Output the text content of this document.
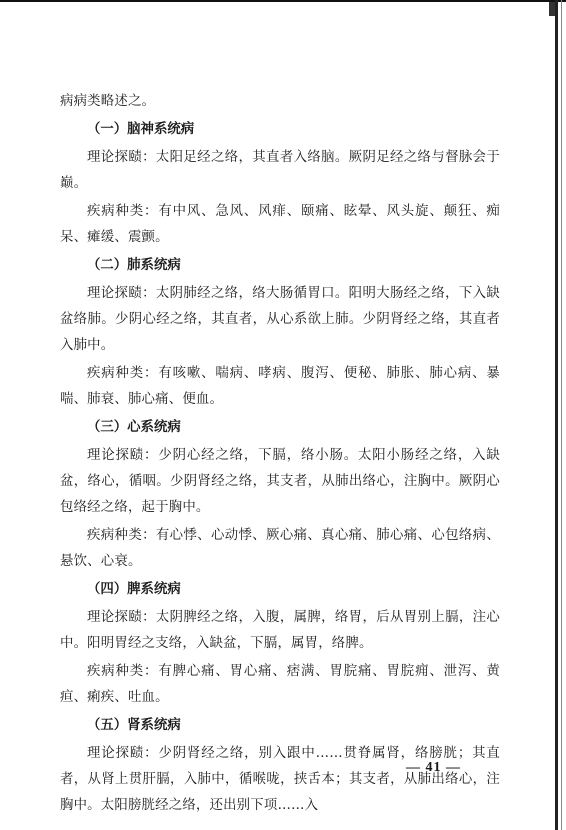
病病类略述之。

（一）脑神系统病

理论探赜：太阳足经之络，其直者入络脑。厥阴足经之络与督脉会于巅。

疾病种类：有中风、急风、风痱、颐痛、眩晕、风头旋、颠狂、痴呆、瘫缓、震颤。

（二）肺系统病

理论探赜：太阴肺经之络，络大肠循胃口。阳明大肠经之络，下入缺盆络肺。少阴心经之络，其直者，从心系欲上肺。少阴肾经之络，其直者入肺中。

疾病种类：有咳嗽、喘病、哮病、腹泻、便秘、肺胀、肺心病、暴喘、肺衰、肺心痛、便血。

（三）心系统病

理论探赜：少阴心经之络，下膈，络小肠。太阳小肠经之络，入缺盆，络心，循咽。少阴肾经之络，其支者，从肺出络心，注胸中。厥阴心包络经之络，起于胸中。

疾病种类：有心悸、心动悸、厥心痛、真心痛、肺心痛、心包络病、悬饮、心衰。

（四）脾系统病

理论探赜：太阴脾经之络，入腹，属脾，络胃，后从胃别上膈，注心中。阳明胃经之支络，入缺盆，下膈，属胃，络脾。

疾病种类：有脾心痛、胃心痛、痞满、胃脘痛、胃脘痈、泄泻、黄疸、痢疾、吐血。

（五）肾系统病

理论探赜：少阴肾经之络，别入跟中……贯脊属肾，络膀胱；其直者，从肾上贯肝膈，入肺中，循喉咙，挟舌本；其支者，从肺出络心，注胸中。太阳膀胱经之络，还出别下项……入

— 41 —
